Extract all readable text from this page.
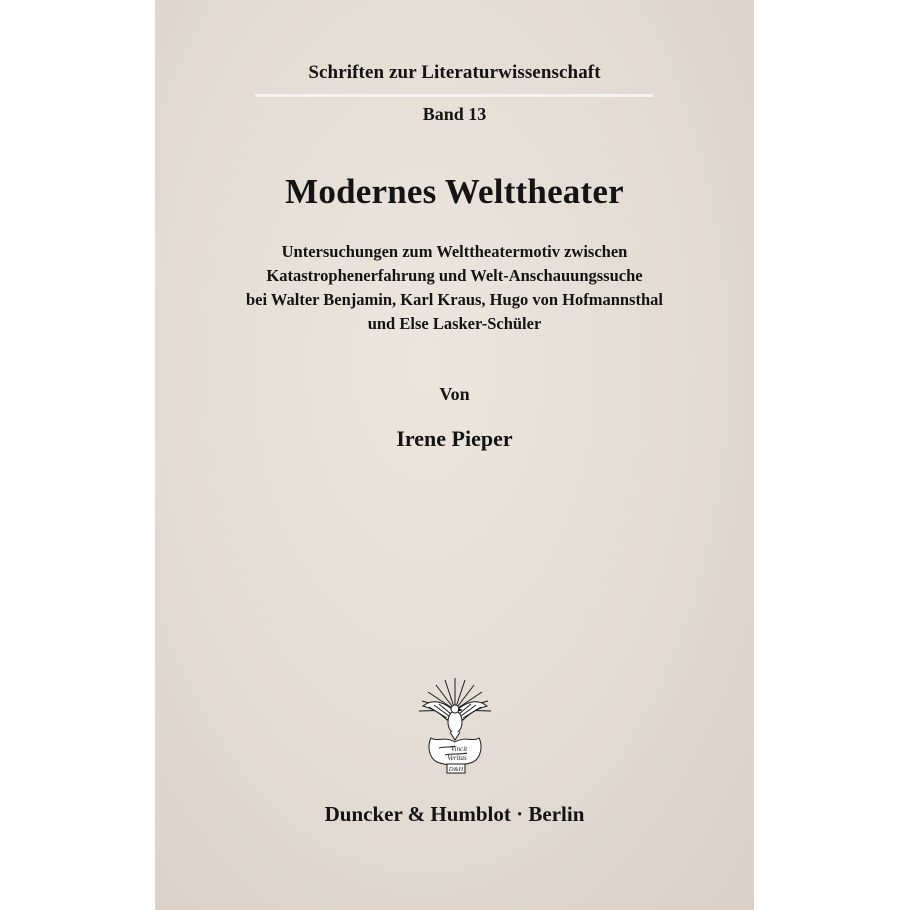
Schriften zur Literaturwissenschaft
Band 13
Modernes Welttheater
Untersuchungen zum Welttheatermotiv zwischen
Katastrophenerfahrung und Welt-Anschauungssuche
bei Walter Benjamin, Karl Kraus, Hugo von Hofmannsthal
und Else Lasker-Schüler
Von
Irene Pieper
Vincit
Veritas
D&H
Duncker & Humblot · Berlin
